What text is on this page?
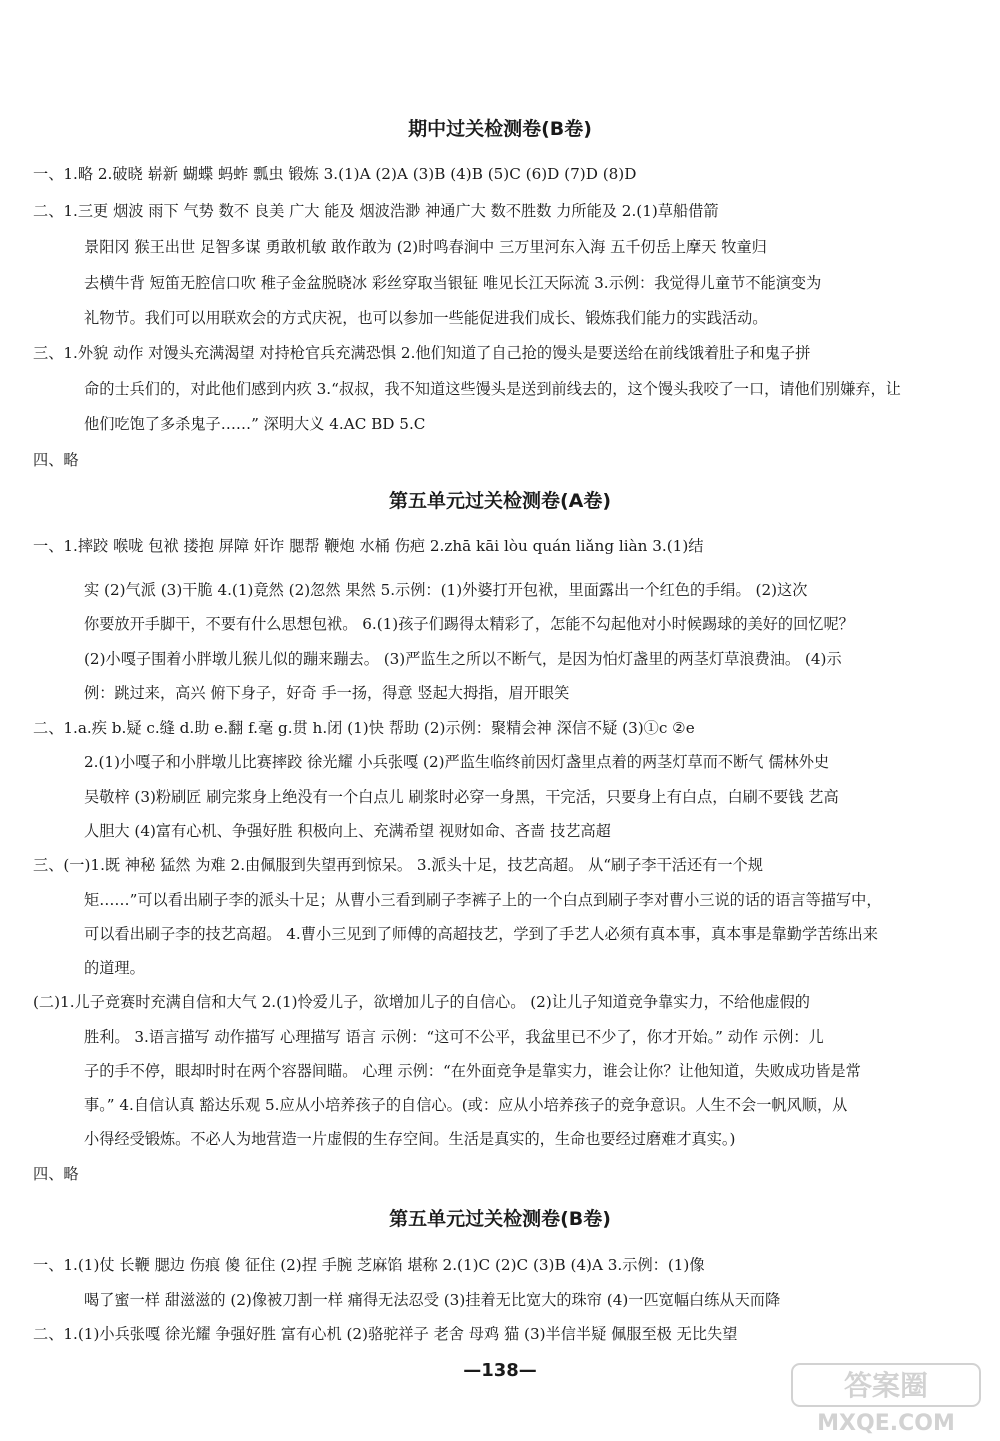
期中过关检测卷(B卷)
一、1.略 2.破晓 崭新 蝴蝶 蚂蚱 瓢虫 锻炼 3.(1)A (2)A (3)B (4)B (5)C (6)D (7)D (8)D
二、1.三更 烟波 雨下 气势 数不 良美 广大 能及 烟波浩渺 神通广大 数不胜数 力所能及 2.(1)草船借箭
景阳冈 猴王出世 足智多谋 勇敢机敏 敢作敢为 (2)时鸣春涧中 三万里河东入海 五千仞岳上摩天 牧童归
去横牛背 短笛无腔信口吹 稚子金盆脱晓冰 彩丝穿取当银钲 唯见长江天际流 3.示例：我觉得儿童节不能演变为
礼物节。我们可以用联欢会的方式庆祝，也可以参加一些能促进我们成长、锻炼我们能力的实践活动。
三、1.外貌 动作 对馒头充满渴望 对持枪官兵充满恐惧 2.他们知道了自己抢的馒头是要送给在前线饿着肚子和鬼子拼
命的士兵们的，对此他们感到内疚 3.“叔叔，我不知道这些馒头是送到前线去的，这个馒头我咬了一口，请他们别嫌弃，让
他们吃饱了多杀鬼子……” 深明大义 4.AC BD 5.C
四、略
第五单元过关检测卷(A卷)
一、1.摔跤 喉咙 包袱 搂抱 屏障 奸诈 腮帮 鞭炮 水桶 伤疤 2.zhā kāi lòu quán liǎng liàn 3.(1)结
实 (2)气派 (3)干脆 4.(1)竟然 (2)忽然 果然 5.示例：(1)外婆打开包袱，里面露出一个红色的手绢。 (2)这次
你要放开手脚干，不要有什么思想包袱。 6.(1)孩子们踢得太精彩了，怎能不勾起他对小时候踢球的美好的回忆呢？
(2)小嘎子围着小胖墩儿猴儿似的蹦来蹦去。 (3)严监生之所以不断气，是因为怕灯盏里的两茎灯草浪费油。 (4)示
例：跳过来，高兴 俯下身子，好奇 手一扬，得意 竖起大拇指，眉开眼笑
二、1.a.疾 b.疑 c.缝 d.助 e.翻 f.毫 g.贯 h.闭 (1)快 帮助 (2)示例：聚精会神 深信不疑 (3)①c ②e
2.(1)小嘎子和小胖墩儿比赛摔跤 徐光耀 小兵张嘎 (2)严监生临终前因灯盏里点着的两茎灯草而不断气 儒林外史
吴敬梓 (3)粉刷匠 刷完浆身上绝没有一个白点儿 刷浆时必穿一身黑，干完活，只要身上有白点，白刷不要钱 艺高
人胆大 (4)富有心机、争强好胜 积极向上、充满希望 视财如命、吝啬 技艺高超
三、(一)1.既 神秘 猛然 为难 2.由佩服到失望再到惊呆。 3.派头十足，技艺高超。 从“刷子李干活还有一个规
矩……”可以看出刷子李的派头十足；从曹小三看到刷子李裤子上的一个白点到刷子李对曹小三说的话的语言等描写中，
可以看出刷子李的技艺高超。 4.曹小三见到了师傅的高超技艺，学到了手艺人必须有真本事，真本事是靠勤学苦练出来
的道理。
(二)1.儿子竞赛时充满自信和大气 2.(1)怜爱儿子，欲增加儿子的自信心。 (2)让儿子知道竞争靠实力，不给他虚假的
胜利。 3.语言描写 动作描写 心理描写 语言 示例：“这可不公平，我盆里已不少了，你才开始。” 动作 示例：儿
子的手不停，眼却时时在两个容器间瞄。 心理 示例：“在外面竞争是靠实力，谁会让你？让他知道，失败成功皆是常
事。” 4.自信认真 豁达乐观 5.应从小培养孩子的自信心。(或：应从小培养孩子的竞争意识。人生不会一帆风顺，从
小得经受锻炼。不必人为地营造一片虚假的生存空间。生活是真实的，生命也要经过磨难才真实。)
四、略
第五单元过关检测卷(B卷)
一、1.(1)仗 长鞭 腮边 伤痕 傻 征住 (2)捏 手腕 芝麻馅 堪称 2.(1)C (2)C (3)B (4)A 3.示例：(1)像
喝了蜜一样 甜滋滋的 (2)像被刀割一样 痛得无法忍受 (3)挂着无比宽大的珠帘 (4)一匹宽幅白练从天而降
二、1.(1)小兵张嘎 徐光耀 争强好胜 富有心机 (2)骆驼祥子 老舍 母鸡 猫 (3)半信半疑 佩服至极 无比失望
—138—	答案圈
MXQE.COM
